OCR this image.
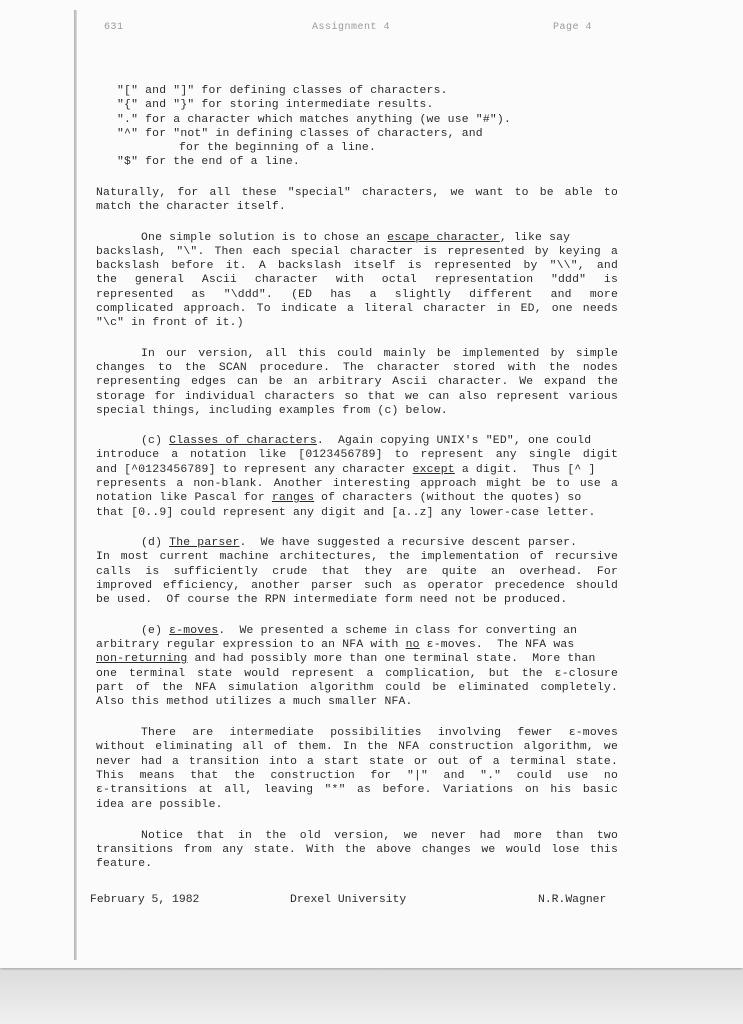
631	Assignment 4	Page 4
"[" and "]" for defining classes of characters.
"{" and "}" for storing intermediate results.
"." for a character which matches anything (we use "#").
"^" for "not" in defining classes of characters, and
for the beginning of a line.
"$" for the end of a line.
Naturally, for all these "special" characters, we want to be able to
match the character itself.
One simple solution is to chose an escape character, like say
backslash, "\". Then each special character is represented by keying a
backslash before it. A backslash itself is represented by "\\", and
the general Ascii character with octal representation "ddd" is
represented as "\ddd". (ED has a slightly different and more
complicated approach. To indicate a literal character in ED, one needs
"\c" in front of it.)
In our version, all this could mainly be implemented by simple
changes to the SCAN procedure. The character stored with the nodes
representing edges can be an arbitrary Ascii character. We expand the
storage for individual characters so that we can also represent various
special things, including examples from (c) below.
(c) Classes of characters.  Again copying UNIX's "ED", one could
introduce a notation like [0123456789] to represent any single digit
and [^0123456789] to represent any character except a digit.  Thus [^ ]
represents a non-blank. Another interesting approach might be to use a
notation like Pascal for ranges of characters (without the quotes) so
that [0..9] could represent any digit and [a..z] any lower-case letter.
(d) The parser.  We have suggested a recursive descent parser.
In most current machine architectures, the implementation of recursive
calls is sufficiently crude that they are quite an overhead. For
improved efficiency, another parser such as operator precedence should
be used.  Of course the RPN intermediate form need not be produced.
(e) ε-moves.  We presented a scheme in class for converting an
arbitrary regular expression to an NFA with no ε-moves.  The NFA was
non-returning and had possibly more than one terminal state.  More than
one terminal state would represent a complication, but the ε-closure
part of the NFA simulation algorithm could be eliminated completely.
Also this method utilizes a much smaller NFA.
There are intermediate possibilities involving fewer ε-moves
without eliminating all of them. In the NFA construction algorithm, we
never had a transition into a start state or out of a terminal state.
This means that the construction for "|" and "." could use no
ε-transitions at all, leaving "*" as before. Variations on his basic
idea are possible.
Notice that in the old version, we never had more than two
transitions from any state. With the above changes we would lose this
feature.
February 5, 1982	Drexel University	N.R.Wagner
